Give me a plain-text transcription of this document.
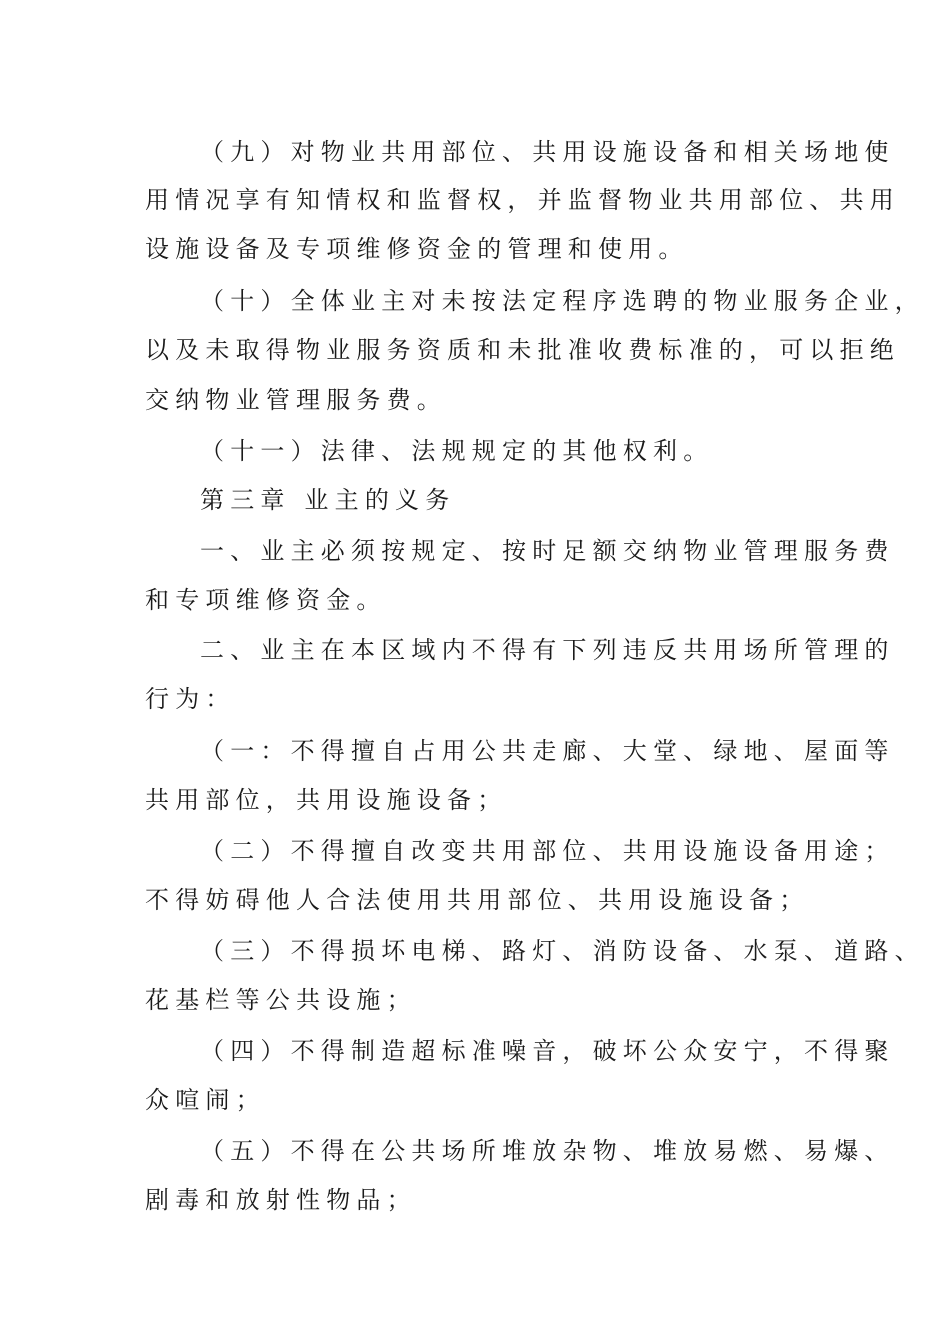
（九）对物业共用部位、共用设施设备和相关场地使
用情况享有知情权和监督权，并监督物业共用部位、共用
设施设备及专项维修资金的管理和使用。
（十）全体业主对未按法定程序选聘的物业服务企业，
以及未取得物业服务资质和未批准收费标准的，可以拒绝
交纳物业管理服务费。
（十一）法律、法规规定的其他权利。
第三章 业主的义务
一、业主必须按规定、按时足额交纳物业管理服务费
和专项维修资金。
二、业主在本区域内不得有下列违反共用场所管理的
行为：
（一：不得擅自占用公共走廊、大堂、绿地、屋面等
共用部位，共用设施设备；
（二）不得擅自改变共用部位、共用设施设备用途；
不得妨碍他人合法使用共用部位、共用设施设备；
（三）不得损坏电梯、路灯、消防设备、水泵、道路、
花基栏等公共设施；
（四）不得制造超标准噪音，破坏公众安宁，不得聚
众喧闹；
（五）不得在公共场所堆放杂物、堆放易燃、易爆、
剧毒和放射性物品；
